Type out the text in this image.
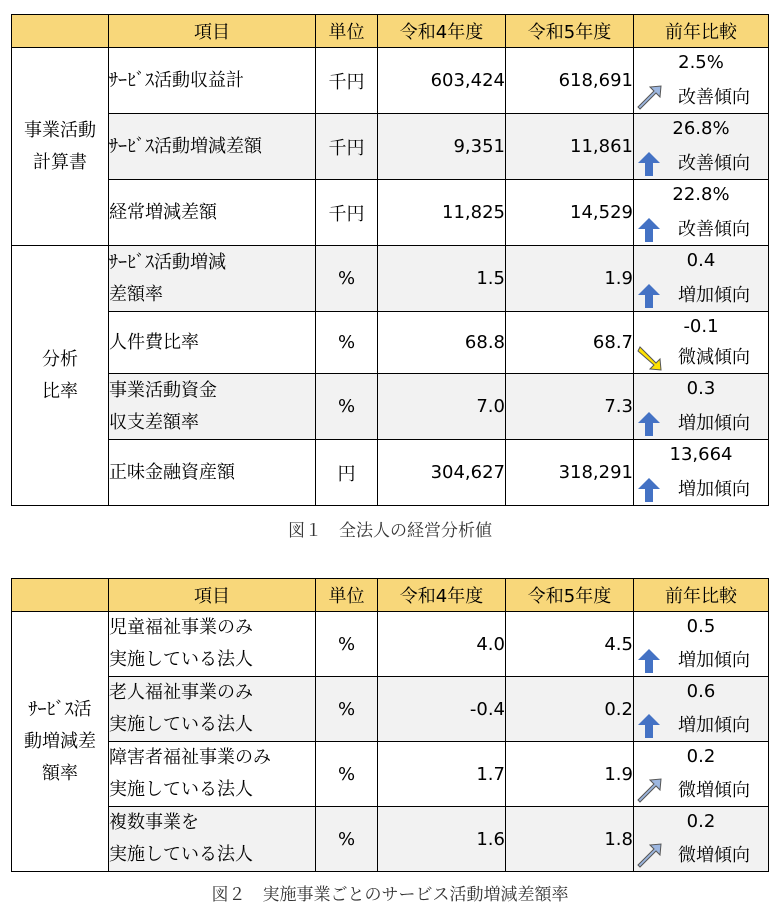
	項目	単位	令和4年度	令和5年度	前年比較
事業活動
計算書	ｻｰﾋﾞｽ活動収益計	千円	603,424	618,691	2.5%
改善傾向

	ｻｰﾋﾞｽ活動増減差額	千円	9,351	11,861	26.8%
改善傾向

	経常増減差額	千円	11,825	14,529	22.8%
改善傾向

分析
比率	ｻｰﾋﾞｽ活動増減
差額率	%	1.5	1.9	0.4
増加傾向

	人件費比率	%	68.8	68.7	-0.1
微減傾向

	事業活動資金
収支差額率	%	7.0	7.3	0.3
増加傾向

	正味金融資産額	円	304,627	318,291	13,664
増加傾向
図１　全法人の経営分析値
	項目	単位	令和4年度	令和5年度	前年比較
ｻｰﾋﾞｽ活
動増減差
額率	児童福祉事業のみ
実施している法人	%	4.0	4.5	0.5
増加傾向

	老人福祉事業のみ
実施している法人	%	-0.4	0.2	0.6
増加傾向

	障害者福祉事業のみ
実施している法人	%	1.7	1.9	0.2
微増傾向

	複数事業を
実施している法人	%	1.6	1.8	0.2
微増傾向
図２　実施事業ごとのサービス活動増減差額率
